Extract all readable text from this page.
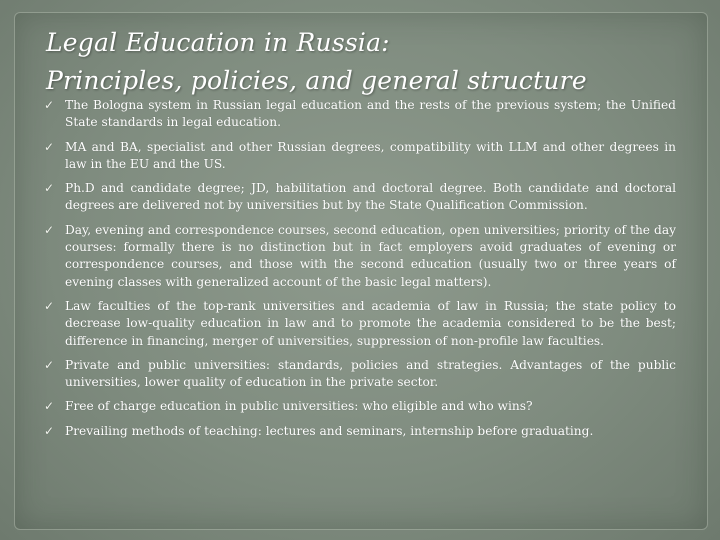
Legal Education in Russia:
Principles, policies, and general structure
✓ The Bologna system in Russian legal education and the rests of the previous system; the Unified State standards in legal education.
✓ MA and BA, specialist and other Russian degrees, compatibility with LLM and other degrees in law in the EU and the US.
✓ Ph.D and candidate degree; JD, habilitation and doctoral degree. Both candidate and doctoral degrees are delivered not by universities but by the State Qualification Commission.
✓ Day, evening and correspondence courses, second education, open universities; priority of the day courses: formally there is no distinction but in fact employers avoid graduates of evening or correspondence courses, and those with the second education (usually two or three years of evening classes with generalized account of the basic legal matters).
✓ Law faculties of the top-rank universities and academia of law in Russia; the state policy to decrease low-quality education in law and to promote the academia considered to be the best; difference in financing, merger of universities, suppression of non-profile law faculties.
✓ Private and public universities: standards, policies and strategies. Advantages of the public universities, lower quality of education in the private sector.
✓ Free of charge education in public universities: who eligible and who wins?
✓ Prevailing methods of teaching: lectures and seminars, internship before graduating.
